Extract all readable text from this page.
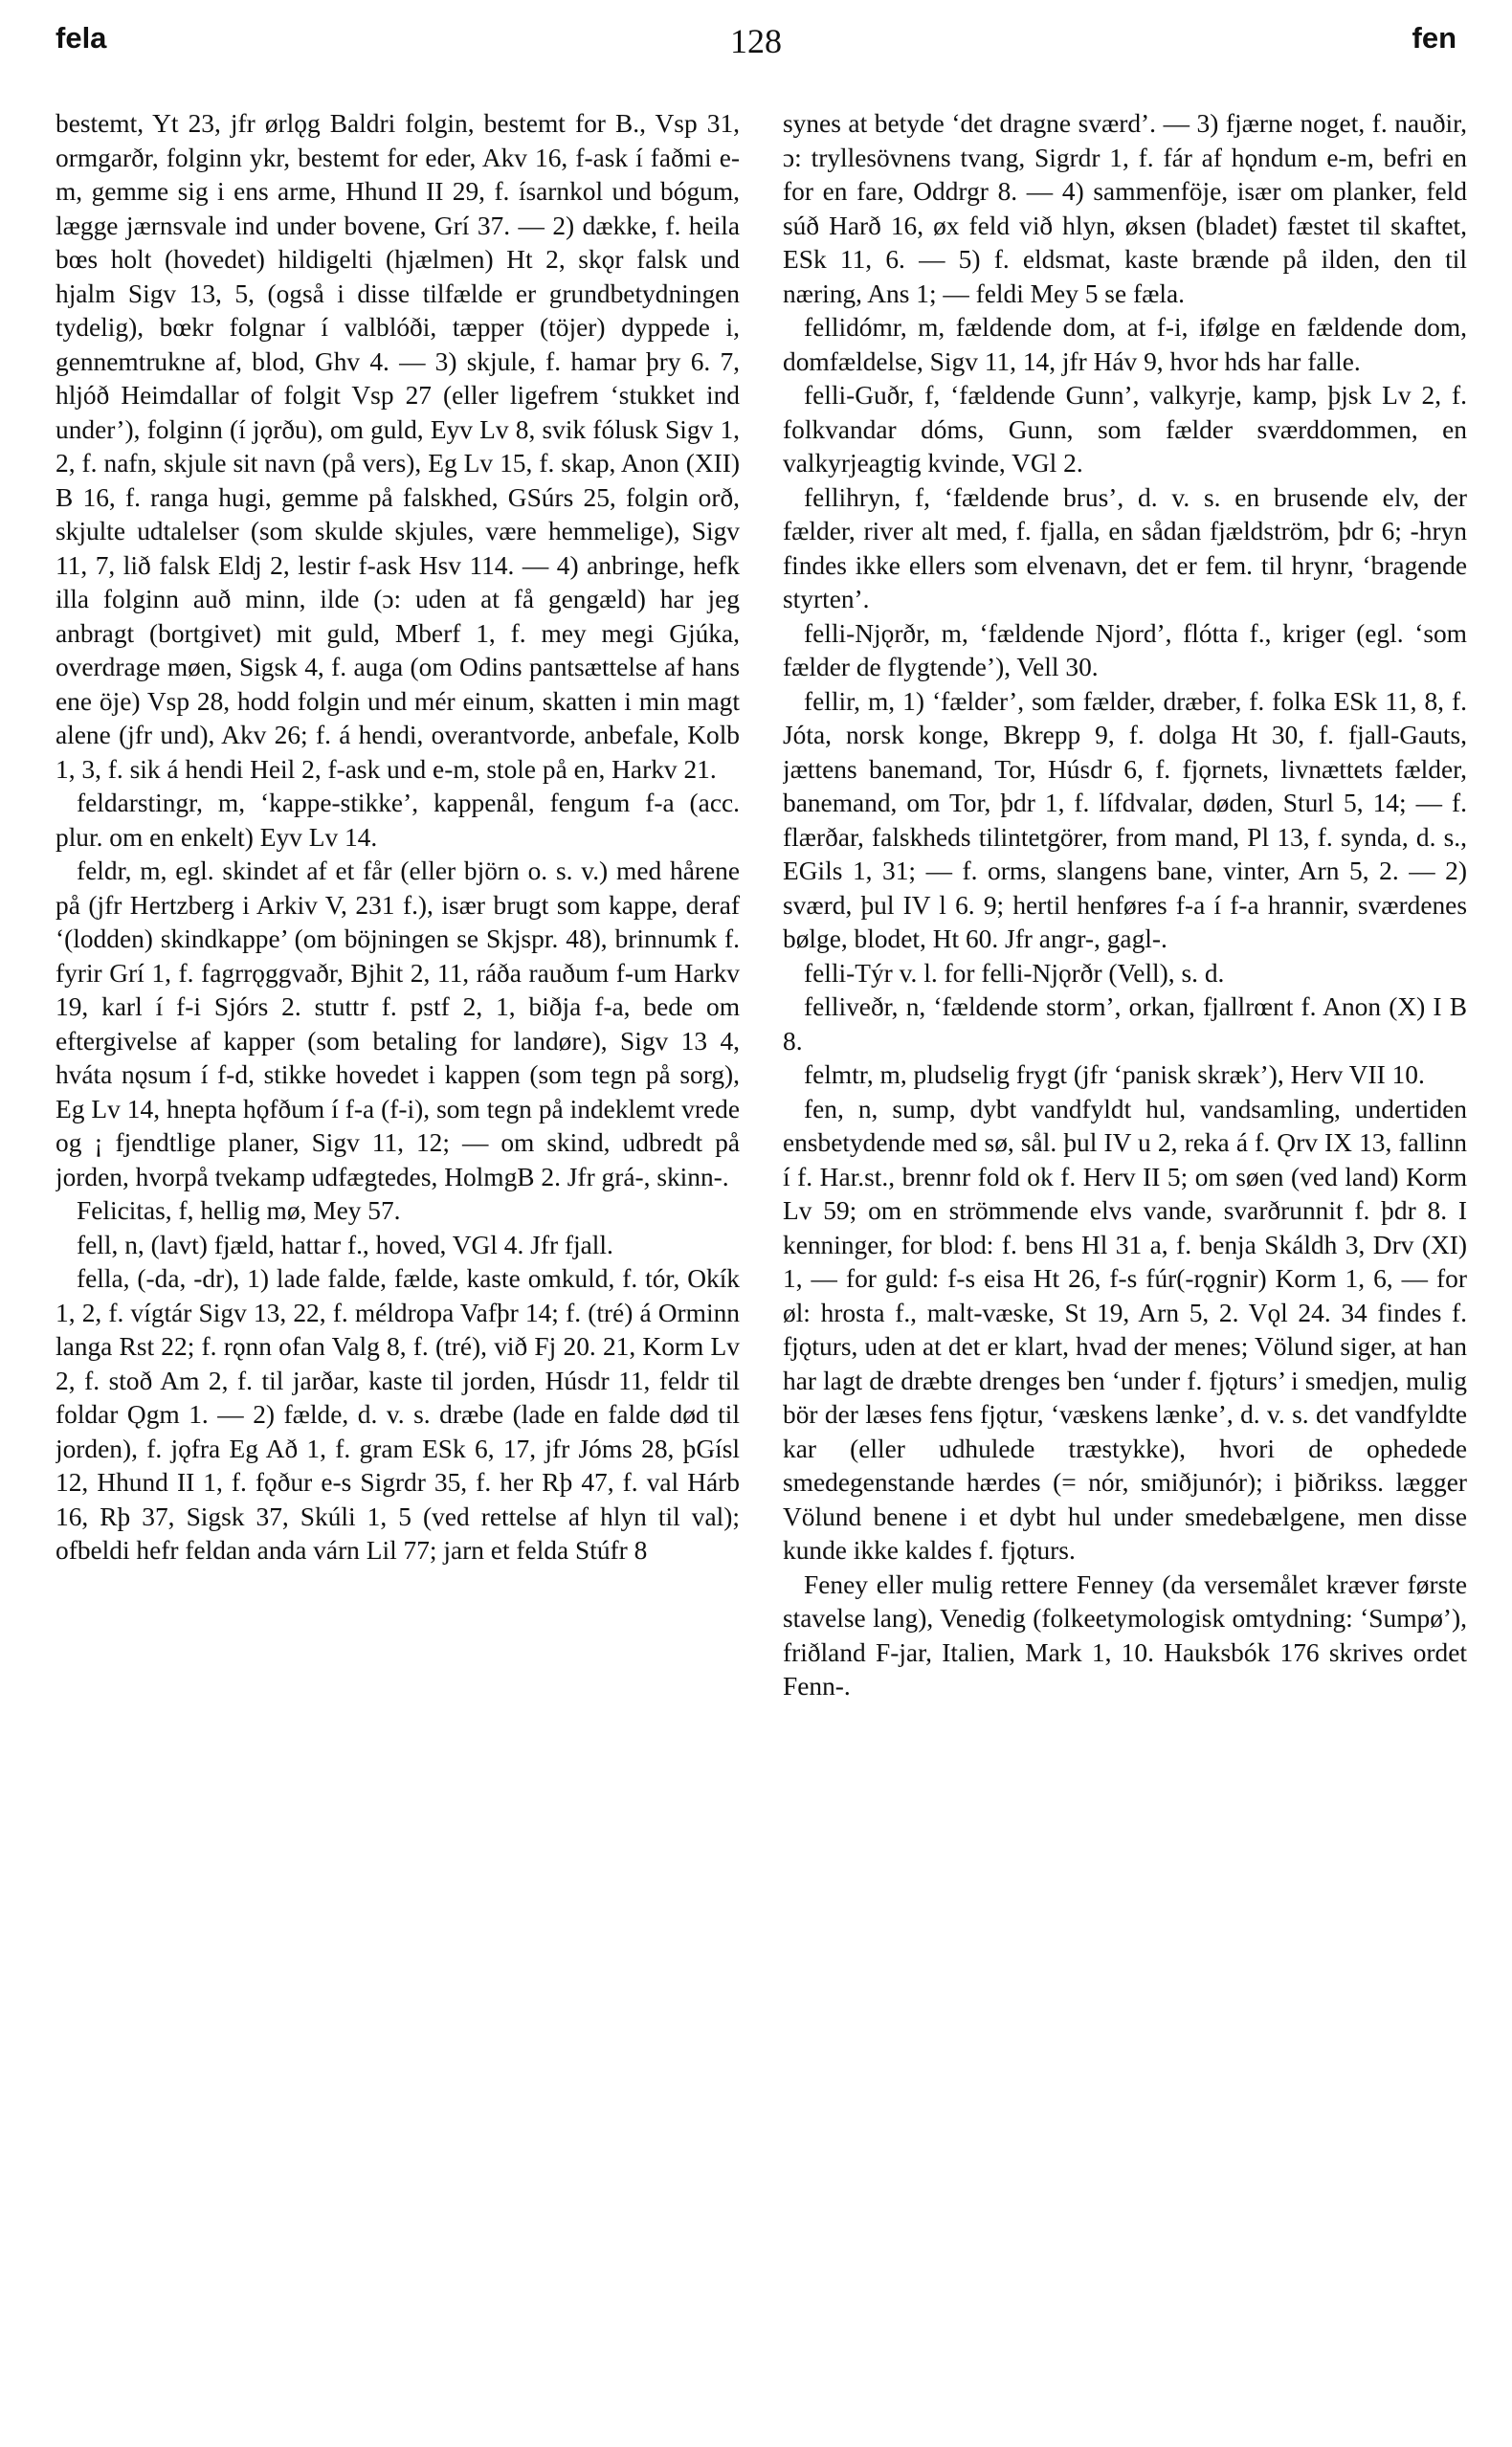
fela	128	fen

bestemt, Yt 23, jfr ørlǫg Baldri folgin, bestemt for B., Vsp 31, ormgarðr, folginn ykr, bestemt for eder, Akv 16, f-ask í faðmi e-m, gemme sig i ens arme, Hhund II 29, f. ísarnkol und bógum, lægge jærnsvale ind under bovene, Grí 37. — 2) dække, f. heila bœs holt (hovedet) hildigelti (hjælmen) Ht 2, skǫr falsk und hjalm Sigv 13, 5, (også i disse tilfælde er grundbetydningen tydelig), bœkr folgnar í valblóði, tæpper (töjer) dyppede i, gennemtrukne af, blod, Ghv 4. — 3) skjule, f. hamar þry 6. 7, hljóð Heimdallar of folgit Vsp 27 (eller ligefrem ‘stukket ind under’), folginn (í jǫrðu), om guld, Eyv Lv 8, svik fólusk Sigv 1, 2, f. nafn, skjule sit navn (på vers), Eg Lv 15, f. skap, Anon (XII) B 16, f. ranga hugi, gemme på falskhed, GSúrs 25, folgin orð, skjulte udtalelser (som skulde skjules, være hemmelige), Sigv 11, 7, lið falsk Eldj 2, lestir f-ask Hsv 114. — 4) anbringe, hefk illa folginn auð minn, ilde (ɔ: uden at få gengæld) har jeg anbragt (bortgivet) mit guld, Mberf 1, f. mey megi Gjúka, overdrage møen, Sigsk 4, f. auga (om Odins pantsættelse af hans ene öje) Vsp 28, hodd folgin und mér einum, skatten i min magt alene (jfr und), Akv 26; f. á hendi, overantvorde, anbefale, Kolb 1, 3, f. sik á hendi Heil 2, f-ask und e-m, stole på en, Harkv 21.

feldarstingr, m, ‘kappe-stikke’, kappenål, fengum f-a (acc. plur. om en enkelt) Eyv Lv 14.

feldr, m, egl. skindet af et får (eller björn o. s. v.) med hårene på (jfr Hertzberg i Arkiv V, 231 f.), især brugt som kappe, deraf ‘(lodden) skindkappe’ (om böjningen se Skjspr. 48), brinnumk f. fyrir Grí 1, f. fagrrǫggvaðr, Bjhit 2, 11, ráða rauðum f-um Harkv 19, karl í f-i Sjórs 2. stuttr f. pstf 2, 1, biðja f-a, bede om eftergivelse af kapper (som betaling for landøre), Sigv 13 4, hváta nǫsum í f-d, stikke hovedet i kappen (som tegn på sorg), Eg Lv 14, hnepta hǫfðum í f-a (f-i), som tegn på indeklemt vrede og ¡ fjendtlige planer, Sigv 11, 12; — om skind, udbredt på jorden, hvorpå tvekamp udfægtedes, HolmgB 2. Jfr grá-, skinn-.

Felicitas, f, hellig mø, Mey 57.

fell, n, (lavt) fjæld, hattar f., hoved, VGl 4. Jfr fjall.

fella, (-da, -dr), 1) lade falde, fælde, kaste omkuld, f. tór, Okík 1, 2, f. vígtár Sigv 13, 22, f. méldropa Vafþr 14; f. (tré) á Orminn langa Rst 22; f. rǫnn ofan Valg 8, f. (tré), við Fj 20. 21, Korm Lv 2, f. stoð Am 2, f. til jarðar, kaste til jorden, Húsdr 11, feldr til foldar Ǫgm 1. — 2) fælde, d. v. s. dræbe (lade en falde død til jorden), f. jǫfra Eg Að 1, f. gram ESk 6, 17, jfr Jóms 28, þGísl 12, Hhund II 1, f. fǫður e-s Sigrdr 35, f. her Rþ 47, f. val Hárb 16, Rþ 37, Sigsk 37, Skúli 1, 5 (ved rettelse af hlyn til val); ofbeldi hefr feldan anda várn Lil 77; jarn et felda Stúfr 8

synes at betyde ‘det dragne sværd’. — 3) fjærne noget, f. nauðir, ɔ: tryllesövnens tvang, Sigrdr 1, f. fár af hǫndum e-m, befri en for en fare, Oddrgr 8. — 4) sammenföje, især om planker, feld súð Harð 16, øx feld við hlyn, øksen (bladet) fæstet til skaftet, ESk 11, 6. — 5) f. eldsmat, kaste brænde på ilden, den til næring, Ans 1; — feldi Mey 5 se fæla.

fellidómr, m, fældende dom, at f-i, ifølge en fældende dom, domfældelse, Sigv 11, 14, jfr Háv 9, hvor hds har falle.

felli-Guðr, f, ‘fældende Gunn’, valkyrje, kamp, þjsk Lv 2, f. folkvandar dóms, Gunn, som fælder sværddommen, en valkyrjeagtig kvinde, VGl 2.

fellihryn, f, ‘fældende brus’, d. v. s. en brusende elv, der fælder, river alt med, f. fjalla, en sådan fjældström, þdr 6; -hryn findes ikke ellers som elvenavn, det er fem. til hrynr, ‘bragende styrten’.

felli-Njǫrðr, m, ‘fældende Njord’, flótta f., kriger (egl. ‘som fælder de flygtende’), Vell 30.

fellir, m, 1) ‘fælder’, som fælder, dræber, f. folka ESk 11, 8, f. Jóta, norsk konge, Bkrepp 9, f. dolga Ht 30, f. fjall-Gauts, jættens banemand, Tor, Húsdr 6, f. fjǫrnets, livnættets fælder, banemand, om Tor, þdr 1, f. lífdvalar, døden, Sturl 5, 14; — f. flærðar, falskheds tilintetgörer, from mand, Pl 13, f. synda, d. s., EGils 1, 31; — f. orms, slangens bane, vinter, Arn 5, 2. — 2) sværd, þul IV l 6. 9; hertil henføres f-a í f-a hrannir, sværdenes bølge, blodet, Ht 60. Jfr angr-, gagl-.

felli-Týr v. l. for felli-Njǫrðr (Vell), s. d.

felliveðr, n, ‘fældende storm’, orkan, fjallrœnt f. Anon (X) I B 8.

felmtr, m, pludselig frygt (jfr ‘panisk skræk’), Herv VII 10.

fen, n, sump, dybt vandfyldt hul, vandsamling, undertiden ensbetydende med sø, sål. þul IV u 2, reka á f. Ǫrv IX 13, fallinn í f. Har.st., brennr fold ok f. Herv II 5; om søen (ved land) Korm Lv 59; om en strömmende elvs vande, svarðrunnit f. þdr 8. I kenninger, for blod: f. bens Hl 31 a, f. benja Skáldh 3, Drv (XI) 1, — for guld: f-s eisa Ht 26, f-s fúr(-rǫgnir) Korm 1, 6, — for øl: hrosta f., malt-væske, St 19, Arn 5, 2. Vǫl 24. 34 findes f. fjǫturs, uden at det er klart, hvad der menes; Völund siger, at han har lagt de dræbte drenges ben ‘under f. fjǫturs’ i smedjen, mulig bör der læses fens fjǫtur, ‘væskens lænke’, d. v. s. det vandfyldte kar (eller udhulede træstykke), hvori de ophedede smedegenstande hærdes (= nór, smiðjunór); i þiðrikss. lægger Völund benene i et dybt hul under smedebælgene, men disse kunde ikke kaldes f. fjǫturs.

Feney eller mulig rettere Fenney (da versemålet kræver første stavelse lang), Venedig (folkeetymologisk omtydning: ‘Sumpø’), friðland F-jar, Italien, Mark 1, 10. Hauksbók 176 skrives ordet Fenn-.
